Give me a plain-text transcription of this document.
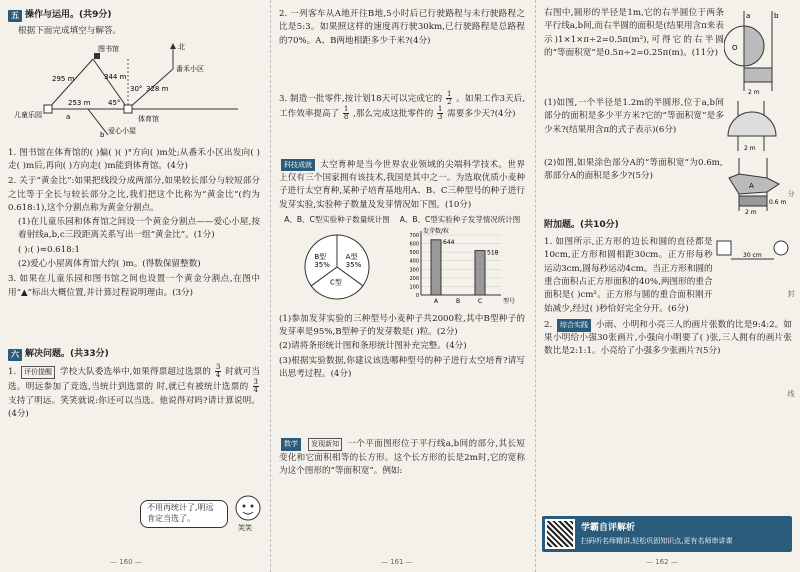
五 操作与运用。(共9分)

根据下面完成填空与解答。

图书馆	北
番禾小区
儿童乐园	体育馆
爱心小屋
295 m	344 m
253 m
30° 328 m
45°
a
b

1. 图书馆在体育馆的( )偏( )( )°方向( )m处;从番禾小区出发向( )走( )m后,再向( )方向走( )m能到体育馆。(4分)

2. 关于“黄金比”:如果把线段分成两部分,如果较长部分与较短部分之比等于全长与较长部分之比,我们把这个比称为“黄金比”(约为0.618:1),这个分割点称为黄金分割点。

(1)在儿童乐园和体育馆之间设一个黄金分割点——爱心小屋,按着射线a,b,c三段距离关系写出一组“黄金比”。(1分)

( ):( )≈0.618:1

(2)爱心小屋离体育馆大约( )m。(得数保留整数)

3. 如果在儿童乐园和图书馆之间也设置一个黄金分割点,在图中用“▲”标出大概位置,并计算过程说明理由。(3分)

六 解决问题。(共33分)

1. 评价提醒 学校大队委选举中,如果得票超过选票的 $\frac{3}{4}$ 时就可当选。明远参加了竞选,当统计到选票的 时,就已有被统计选票的 $\frac{3}{4}$
支持了明远。笑笑就说:你还可以当选。他说得对吗?请计算说明。(4分)

不用再统计了,明远肯定当选了。
笑笑
— 160 —

2. 一列客车从A地开往B地,5小时后已行驶路程与未行驶路程之比是5:3。如果照这样的速度再行驶30km,已行驶路程是总路程的70%。A、B两地相距多少千米?(4分)

3. 制造一批零件,按计划18天可以完成它的 $\frac{1}{2}$ 。如果工作3天后,工作效率提高了 $\frac{1}{8}$ ,那么完成这批零件的 $\frac{1}{3}$ 需要多少天?(4分)

科技成就 太空育种是当今世界农业领域的尖端科学技术。世界上仅有三个国家拥有该技术,我国是其中之一。为选取优质小麦种子进行太空育种,某种子培育基地用A、B、C三种型号的种子进行发芽实验,实验种子数量及发芽情况如下图。(10分)

A、B、C型实验种子数量统计图
A型
35%
C型
B型
35%
A、B、C型实验种子发芽情况统计图
0
100
200
300
400
500
600
700
644
A	B
518
C	型号
发芽数/粒

(1)参加发芽实验的三种型号小麦种子共2000粒,其中B型种子的发芽率是95%,B型种子的发芽数是( )粒。(2分)

(2)请将条形统计图和条形统计图补充完整。(4分)

(3)根据实验数据,你建议该选哪种型号的种子进行太空培育?请写出思考过程。(4分)

数学 发现新知 一个平面图形位于平行线a,b间的部分,其长短变化和它面积相等的长方形。这个长方形的长是2m时,它的宽称为这个图形的“等面积宽”。例如:

— 161 —

右图中,圆形的半径是1m,它的右半圆位于两条平行线a,b间,而右半圆的面积是(结果用含π来表示)1×1×π÷2=0.5π(m²),可得它的右半圆的“等面积宽”是0.5π÷2=0.25π(m)。(11分)

a	b
O
2 m

(1)如图,一个半径是1.2m的半圆形,位于a,b间部分的面积是多少平方米?它的“等面积宽”是多少米?(结果用含π的式子表示)(6分)

2 m

(2)如图,如果涂色部分A的“等面积宽”为0.6m,那部分A的面积是多少?(5分)

A
0.6 m
2 m
附加题。(共10分)

1. 如图所示,正方形的边长和圆的直径都是10cm,正方形和圆相距30cm。正方形每秒运动3cm,圆每秒运动4cm。当正方形和圆的重合面积占正方形面积的40%,两图形的重合面积是( )cm²。正方形与圆的重合面积刚开始减少,经过( )秒恰好完全分开。(6分)

30 cm

2. 综合实践 小雨、小明和小亮三人的画片张数的比是9:4:2。如果小明给小强30张画片,小强向小明要了( )张,三人拥有的画片张数比是2:1:1。小亮给了小强多少张画片?(5分)

学霸自评解析
扫码听名师精讲,轻松巩固知识点,更有名师串讲课
分
封
线
— 162 —
